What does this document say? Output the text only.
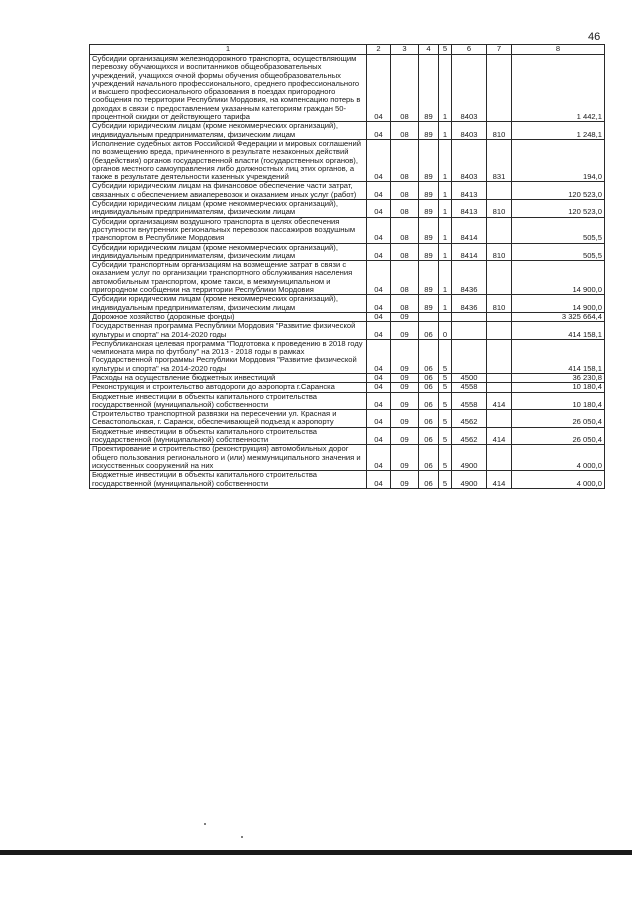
46
1	2	3	4	5	6	7	8
Субсидии организациям железнодорожного транспорта, осуществляющим перевозку обучающихся и воспитанников общеобразовательных учреждений, учащихся очной формы обучения общеобразовательных учреждений начального профессионального, среднего профессионального и высшего профессионального образования в поездах пригородного сообщения по территории Республики Мордовия, на компенсацию потерь в доходах в связи с предоставлением указанным категориям граждан 50-процентной скидки от действующего тарифа	04	08	89	1	8403		1 442,1
Субсидии юридическим лицам (кроме некоммерческих организаций), индивидуальным предпринимателям, физическим лицам	04	08	89	1	8403	810	1 248,1
Исполнение судебных актов Российской Федерации и мировых соглашений по возмещению вреда, причиненного в результате незаконных действий (бездействия) органов государственной власти (государственных органов), органов местного самоуправления либо должностных лиц этих органов, а также в результате деятельности казенных учреждений	04	08	89	1	8403	831	194,0
Субсидии юридическим лицам на финансовое обеспечение части затрат, связанных с обеспечением авиаперевозок и оказанием иных услуг (работ)	04	08	89	1	8413		120 523,0
Субсидии юридическим лицам (кроме некоммерческих организаций), индивидуальным предпринимателям, физическим лицам	04	08	89	1	8413	810	120 523,0
Субсидии организациям воздушного транспорта в целях обеспечения доступности внутренних региональных перевозок пассажиров воздушным транспортом в Республике Мордовия	04	08	89	1	8414		505,5
Субсидии юридическим лицам (кроме некоммерческих организаций), индивидуальным предпринимателям, физическим лицам	04	08	89	1	8414	810	505,5
Субсидии транспортным организациям на возмещение затрат в связи с оказанием услуг по организации транспортного обслуживания населения автомобильным транспортом, кроме такси, в межмуниципальном и пригородном сообщении на территории Республики Мордовия	04	08	89	1	8436		14 900,0
Субсидии юридическим лицам (кроме некоммерческих организаций), индивидуальным предпринимателям, физическим лицам	04	08	89	1	8436	810	14 900,0
Дорожное хозяйство (дорожные фонды)	04	09					3 325 664,4
Государственная программа Республики Мордовия "Развитие физической культуры и спорта" на 2014-2020 годы	04	09	06	0			414 158,1
Республиканская целевая программа "Подготовка к проведению в 2018 году чемпионата мира по футболу" на 2013 - 2018 годы в рамках Государственной программы Республики Мордовия "Развитие физической культуры и спорта" на 2014-2020 годы	04	09	06	5			414 158,1
Расходы на осуществление бюджетных инвестиций	04	09	06	5	4500		36 230,8
Реконструкция и строительство автодороги до аэропорта г.Саранска	04	09	06	5	4558		10 180,4
Бюджетные инвестиции в объекты капитального строительства государственной (муниципальной) собственности	04	09	06	5	4558	414	10 180,4
Строительство транспортной развязки на пересечении ул. Красная и Севастопольская, г. Саранск, обеспечивающей подъезд к аэропорту	04	09	06	5	4562		26 050,4
Бюджетные инвестиции в объекты капитального строительства государственной (муниципальной) собственности	04	09	06	5	4562	414	26 050,4
Проектирование и строительство (реконструкция) автомобильных дорог общего пользования регионального и (или) межмуниципального значения и искусственных сооружений на них	04	09	06	5	4900		4 000,0
Бюджетные инвестиции в объекты капитального строительства государственной (муниципальной) собственности	04	09	06	5	4900	414	4 000,0
